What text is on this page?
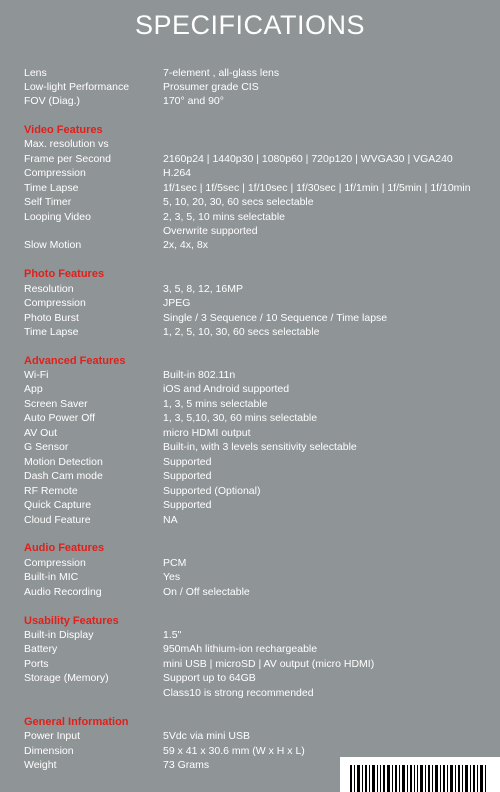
SPECIFICATIONS
Lens	7-element , all-glass lens
Low-light Performance	Prosumer grade CIS
FOV (Diag.)	170° and 90°
Video Features
Max. resolution vs
Frame per Second	2160p24 | 1440p30 | 1080p60 | 720p120 | WVGA30 | VGA240
Compression	H.264
Time Lapse	1f/1sec | 1f/5sec | 1f/10sec | 1f/30sec | 1f/1min | 1f/5min | 1f/10min
Self Timer	5, 10, 20, 30, 60 secs selectable
Looping Video	2, 3, 5, 10 mins selectable
Overwrite supported
Slow Motion	2x, 4x, 8x
Photo Features
Resolution	3, 5, 8, 12, 16MP
Compression	JPEG
Photo Burst	Single / 3 Sequence / 10 Sequence / Time lapse
Time Lapse	1, 2, 5, 10, 30, 60 secs selectable
Advanced Features
Wi-Fi	Built-in 802.11n
App	iOS and Android supported
Screen Saver	1, 3, 5 mins selectable
Auto Power Off	1, 3, 5,10, 30, 60 mins selectable
AV Out	micro HDMI output
G Sensor	Built-in, with 3 levels sensitivity selectable
Motion Detection	Supported
Dash Cam mode	Supported
RF Remote	Supported (Optional)
Quick Capture	Supported
Cloud Feature	NA
Audio Features
Compression	PCM
Built-in MIC	Yes
Audio Recording	On / Off selectable
Usability Features
Built-in Display	1.5"
Battery	950mAh lithium-ion rechargeable
Ports	mini USB | microSD | AV output (micro HDMI)
Storage (Memory)	Support up to 64GB
Class10 is strong recommended
General Information
Power Input	5Vdc via mini USB
Dimension	59 x 41 x 30.6 mm (W x H x L)
Weight	73 Grams
